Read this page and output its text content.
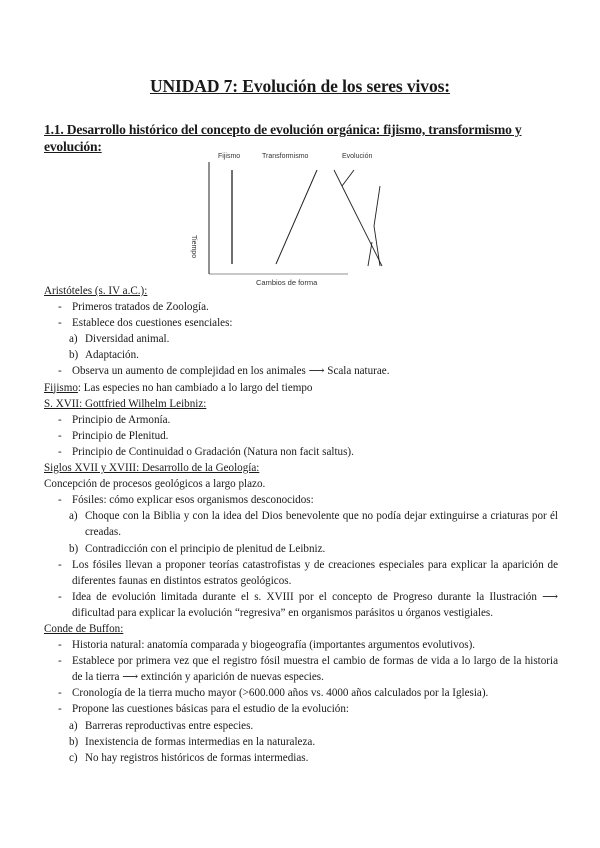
UNIDAD 7: Evolución de los seres vivos:
1.1. Desarrollo histórico del concepto de evolución orgánica: fijismo, transformismo y evolución:
Fijismo	Transformismo	Evolución
Tiempo
Cambios de forma
Aristóteles (s. IV a.C.):
- Primeros tratados de Zoología.
- Establece dos cuestiones esenciales:
a) Diversidad animal.
b) Adaptación.
- Observa un aumento de complejidad en los animales ⟶ Scala naturae.
Fijismo: Las especies no han cambiado a lo largo del tiempo
S. XVII: Gottfried Wilhelm Leibniz:
- Principio de Armonía.
- Principio de Plenitud.
- Principio de Continuidad o Gradación (Natura non facit saltus).
Siglos XVII y XVIII: Desarrollo de la Geología:
Concepción de procesos geológicos a largo plazo.
- Fósiles: cómo explicar esos organismos desconocidos:
a) Choque con la Biblia y con la idea del Dios benevolente que no podía dejar extinguirse a criaturas por él creadas.
b) Contradicción con el principio de plenitud de Leibniz.
- Los fósiles llevan a proponer teorías catastrofistas y de creaciones especiales para explicar la aparición de diferentes faunas en distintos estratos geológicos.
- Idea de evolución limitada durante el s. XVIII por el concepto de Progreso durante la Ilustración ⟶ dificultad para explicar la evolución “regresiva” en organismos parásitos u órganos vestigiales.
Conde de Buffon:
- Historia natural: anatomía comparada y biogeografía (importantes argumentos evolutivos).
- Establece por primera vez que el registro fósil muestra el cambio de formas de vida a lo largo de la historia de la tierra ⟶ extinción y aparición de nuevas especies.
- Cronología de la tierra mucho mayor (>600.000 años vs. 4000 años calculados por la Iglesia).
- Propone las cuestiones básicas para el estudio de la evolución:
a) Barreras reproductivas entre especies.
b) Inexistencia de formas intermedias en la naturaleza.
c) No hay registros históricos de formas intermedias.
